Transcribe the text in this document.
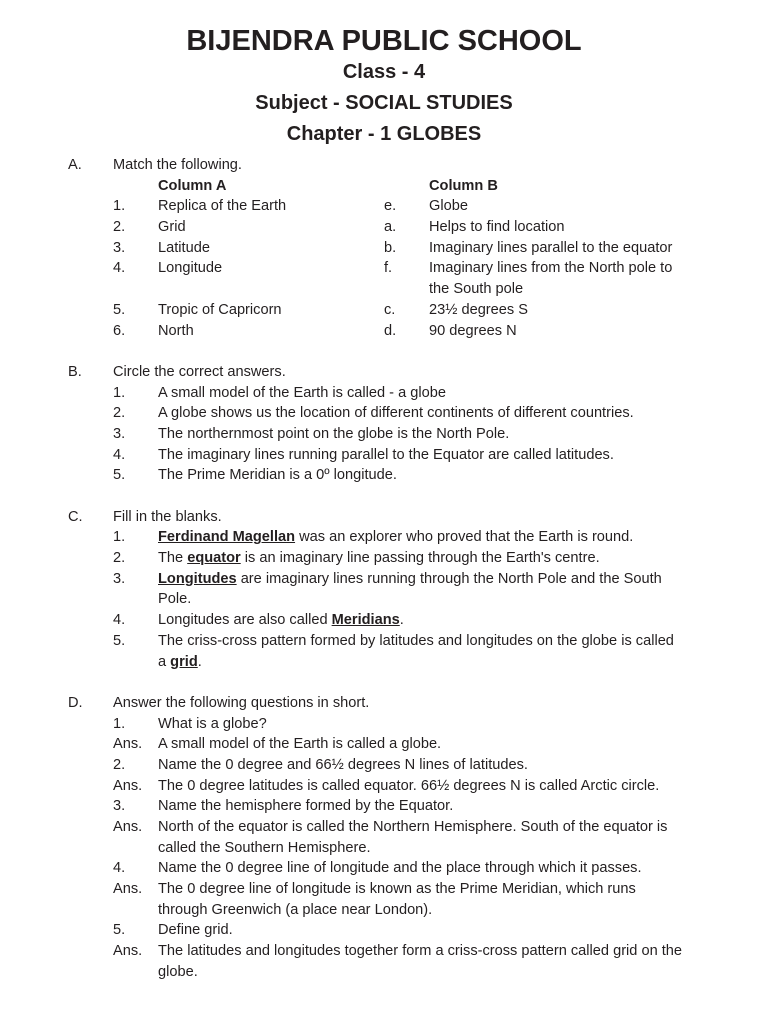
BIJENDRA PUBLIC SCHOOL
Class - 4
Subject - SOCIAL STUDIES
Chapter - 1 GLOBES
A. Match the following.
Column A	Column B
1. Replica of the Earth	e. Globe
2. Grid	a. Helps to find location
3. Latitude	b. Imaginary lines parallel to the equator
4. Longitude	f.	Imaginary lines from the North pole to
the South pole
5. Tropic of Capricorn	c. 23½ degrees S
6. North	d. 90 degrees N
B. Circle the correct answers.
1. A small model of the Earth is called - a globe
2. A globe shows us the location of different continents of different countries.
3. The northernmost point on the globe is the North Pole.
4. The imaginary lines running parallel to the Equator are called latitudes.
5. The Prime Meridian is a 0º longitude.
C. Fill in the blanks.
1. Ferdinand Magellan was an explorer who proved that the Earth is round.
2. The equator is an imaginary line passing through the Earth's centre.
3. Longitudes are imaginary lines running through the North Pole and the South
Pole.
4. Longitudes are also called Meridians.
5. The criss-cross pattern formed by latitudes and longitudes on the globe is called
a grid.
D. Answer the following questions in short.
1. What is a globe?
Ans. A small model of the Earth is called a globe.
2. Name the 0 degree and 66½ degrees N lines of latitudes.
Ans. The 0 degree latitudes is called equator. 66½ degrees N is called Arctic circle.
3. Name the hemisphere formed by the Equator.
Ans. North of the equator is called the Northern Hemisphere. South of the equator is
called the Southern Hemisphere.
4. Name the 0 degree line of longitude and the place through which it passes.
Ans. The 0 degree line of longitude is known as the Prime Meridian, which runs
through Greenwich (a place near London).
5. Define grid.
Ans. The latitudes and longitudes together form a criss-cross pattern called grid on the
globe.
